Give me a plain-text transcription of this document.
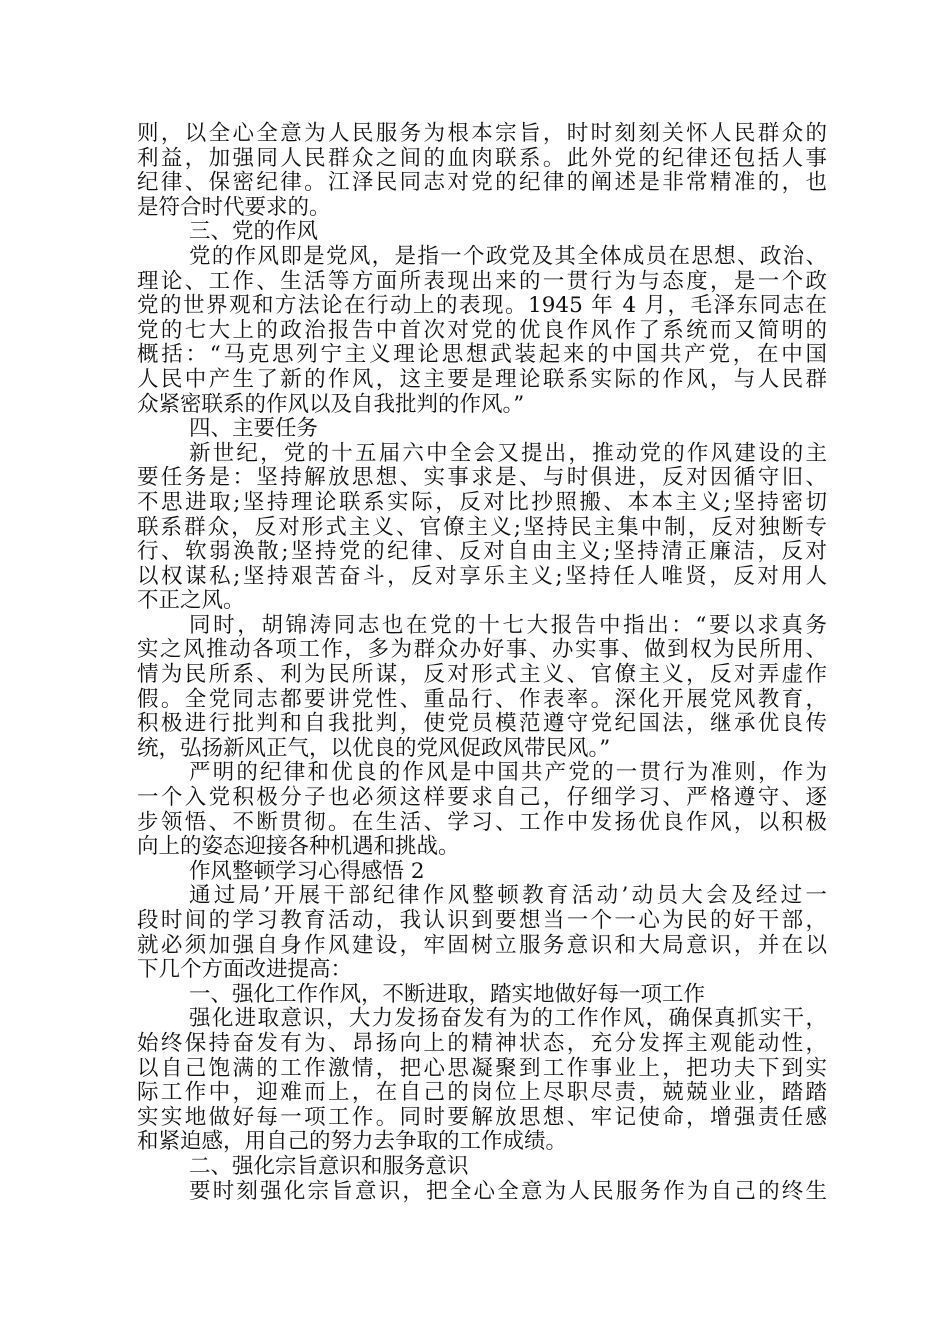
则，以全心全意为人民服务为根本宗旨，时时刻刻关怀人民群众的
利益，加强同人民群众之间的血肉联系。此外党的纪律还包括人事
纪律、保密纪律。江泽民同志对党的纪律的阐述是非常精准的，也
是符合时代要求的。
三、党的作风
党的作风即是党风，是指一个政党及其全体成员在思想、政治、
理论、工作、生活等方面所表现出来的一贯行为与态度，是一个政
党的世界观和方法论在行动上的表现。1945 年 4 月，毛泽东同志在
党的七大上的政治报告中首次对党的优良作风作了系统而又简明的
概括：“马克思列宁主义理论思想武装起来的中国共产党，在中国
人民中产生了新的作风，这主要是理论联系实际的作风，与人民群
众紧密联系的作风以及自我批判的作风。”
四、主要任务
新世纪，党的十五届六中全会又提出，推动党的作风建设的主
要任务是：坚持解放思想、实事求是、与时俱进，反对因循守旧、
不思进取;坚持理论联系实际，反对比抄照搬、本本主义;坚持密切
联系群众，反对形式主义、官僚主义;坚持民主集中制，反对独断专
行、软弱涣散;坚持党的纪律、反对自由主义;坚持清正廉洁，反对
以权谋私;坚持艰苦奋斗，反对享乐主义;坚持任人唯贤，反对用人
不正之风。
同时，胡锦涛同志也在党的十七大报告中指出：“要以求真务
实之风推动各项工作，多为群众办好事、办实事、做到权为民所用、
情为民所系、利为民所谋，反对形式主义、官僚主义，反对弄虚作
假。全党同志都要讲党性、重品行、作表率。深化开展党风教育，
积极进行批判和自我批判，使党员模范遵守党纪国法，继承优良传
统，弘扬新风正气，以优良的党风促政风带民风。”
严明的纪律和优良的作风是中国共产党的一贯行为准则，作为
一个入党积极分子也必须这样要求自己，仔细学习、严格遵守、逐
步领悟、不断贯彻。在生活、学习、工作中发扬优良作风，以积极
向上的姿态迎接各种机遇和挑战。
作风整顿学习心得感悟 2
通过局’开展干部纪律作风整顿教育活动’动员大会及经过一
段时间的学习教育活动，我认识到要想当一个一心为民的好干部，
就必须加强自身作风建设，牢固树立服务意识和大局意识，并在以
下几个方面改进提高：
一、强化工作作风，不断进取，踏实地做好每一项工作
强化进取意识，大力发扬奋发有为的工作作风，确保真抓实干，
始终保持奋发有为、昂扬向上的精神状态，充分发挥主观能动性，
以自己饱满的工作激情，把心思凝聚到工作事业上，把功夫下到实
际工作中，迎难而上，在自己的岗位上尽职尽责，兢兢业业，踏踏
实实地做好每一项工作。同时要解放思想、牢记使命，增强责任感
和紧迫感，用自己的努力去争取的工作成绩。
二、强化宗旨意识和服务意识
要时刻强化宗旨意识，把全心全意为人民服务作为自己的终生
